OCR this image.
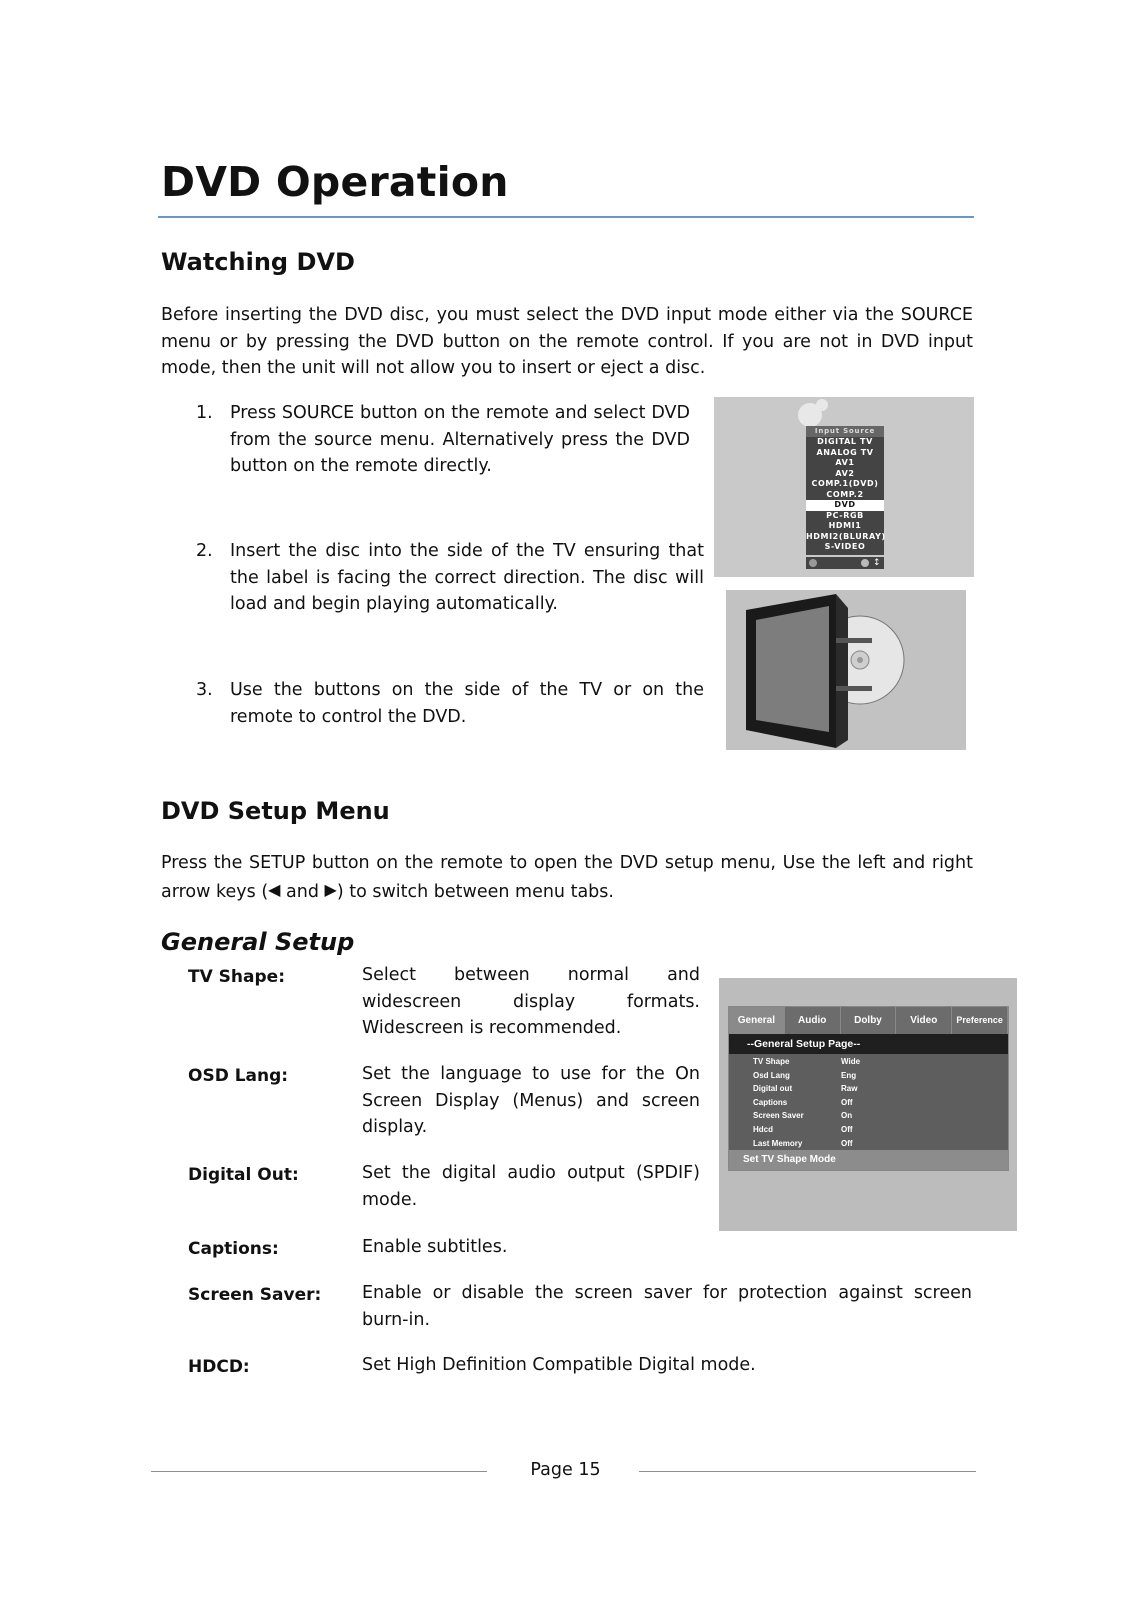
DVD Operation
Watching DVD

Before inserting the DVD disc, you must select the DVD input mode either via the SOURCE menu or by pressing the DVD button on the remote control. If you are not in DVD input mode, then the unit will not allow you to insert or eject a disc.

1. Press SOURCE button on the remote and select DVD from the source menu. Alternatively press the DVD button on the remote directly.
2. Insert the disc into the side of the TV ensuring that the label is facing the correct direction. The disc will load and begin playing automatically.
3. Use the buttons on the side of the TV or on the remote to control the DVD.
Input Source
DIGITAL TV
ANALOG TV
AV1
AV2
COMP.1(DVD)
COMP.2
DVD
PC-RGB
HDMI1
HDMI2(BLURAY)
S-VIDEO
↕
DVD Setup Menu

Press the SETUP button on the remote to open the DVD setup menu, Use the left and right arrow keys (◀ and ▶) to switch between menu tabs.

General Setup
TV Shape:	Select between normal and widescreen display formats. Widescreen is recommended.

OSD Lang:	Set the language to use for the On Screen Display (Menus) and screen display.

Digital Out:	Set the digital audio output (SPDIF) mode.

Captions:	Enable subtitles.

Screen Saver: Enable or disable the screen saver for protection against screen burn-in.

HDCD:	Set High Definition Compatible Digital mode.

General	Audio	Dolby	Video	Preference
--General Setup Page--
TV Shape	Wide
Osd Lang	Eng
Digital out	Raw
Captions	Off
Screen Saver	On
Hdcd	Off
Last Memory	Off
Set TV Shape Mode
Page 15
